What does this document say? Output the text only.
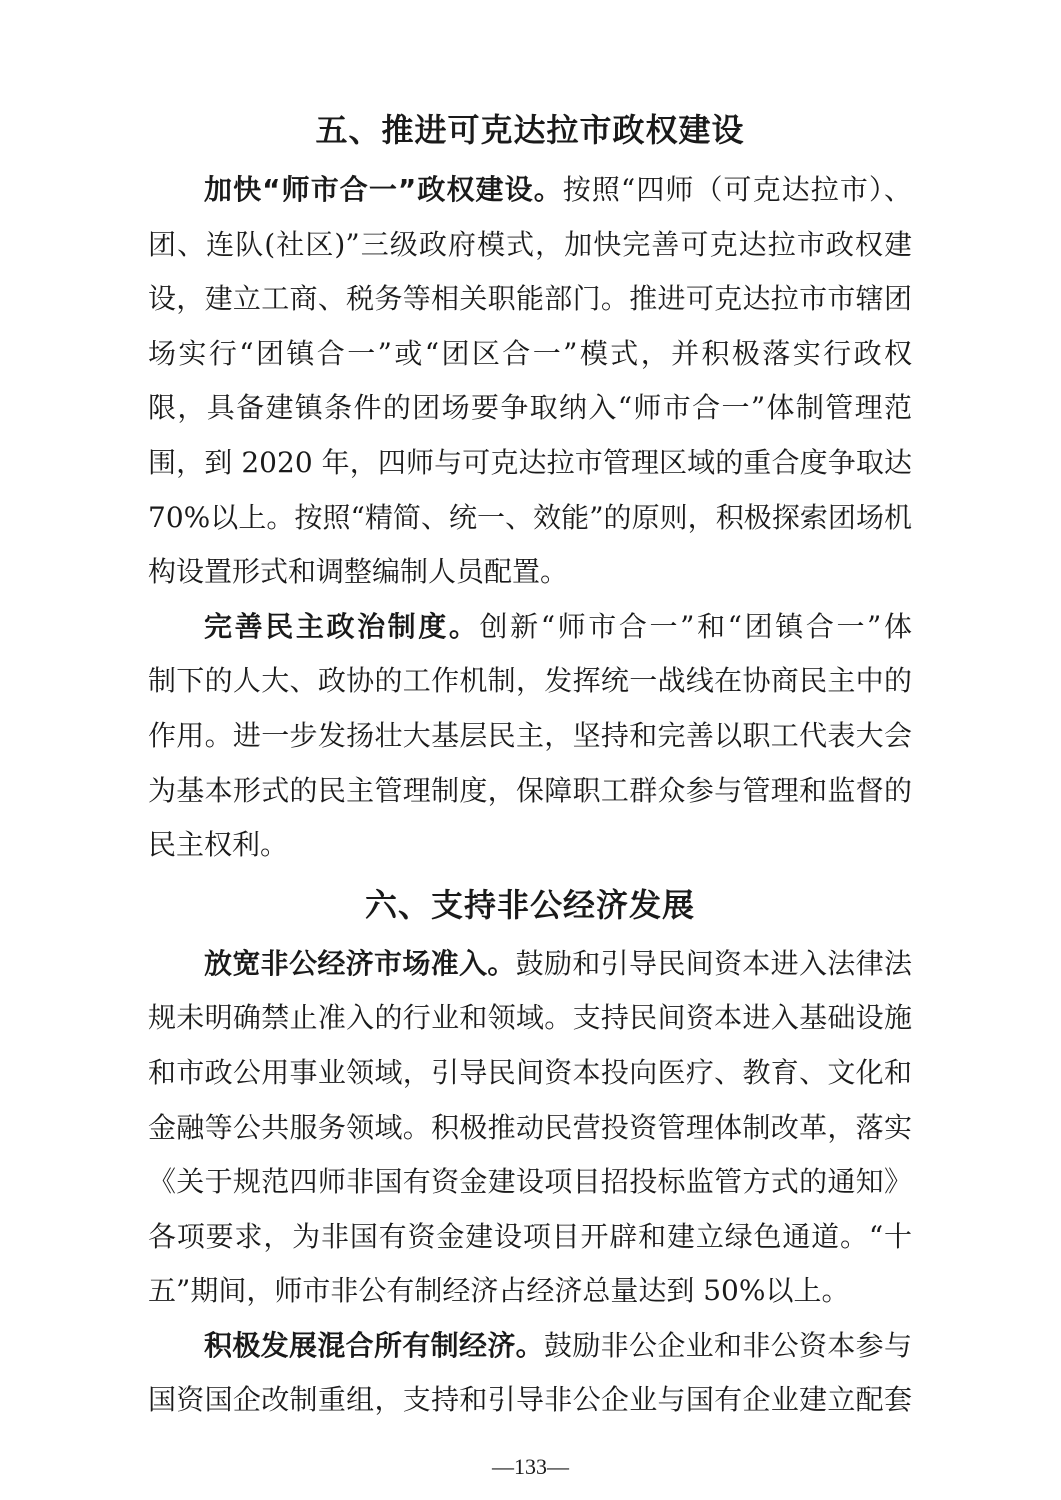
五、推进可克达拉市政权建设
加快“师市合一”政权建设。按照“四师（可克达拉市）、
团、连队(社区)”三级政府模式，加快完善可克达拉市政权建
设，建立工商、税务等相关职能部门。推进可克达拉市市辖团
场实行“团镇合一”或“团区合一”模式，并积极落实行政权
限，具备建镇条件的团场要争取纳入“师市合一”体制管理范
围，到 2020 年，四师与可克达拉市管理区域的重合度争取达
70%以上。按照“精简、统一、效能”的原则，积极探索团场机
构设置形式和调整编制人员配置。
完善民主政治制度。创新“师市合一”和“团镇合一”体
制下的人大、政协的工作机制，发挥统一战线在协商民主中的
作用。进一步发扬壮大基层民主，坚持和完善以职工代表大会
为基本形式的民主管理制度，保障职工群众参与管理和监督的
民主权利。
六、支持非公经济发展
放宽非公经济市场准入。鼓励和引导民间资本进入法律法
规未明确禁止准入的行业和领域。支持民间资本进入基础设施
和市政公用事业领域，引导民间资本投向医疗、教育、文化和
金融等公共服务领域。积极推动民营投资管理体制改革，落实
《关于规范四师非国有资金建设项目招投标监管方式的通知》
各项要求，为非国有资金建设项目开辟和建立绿色通道。“十
五”期间，师市非公有制经济占经济总量达到 50%以上。
积极发展混合所有制经济。鼓励非公企业和非公资本参与
国资国企改制重组，支持和引导非公企业与国有企业建立配套
—133—
